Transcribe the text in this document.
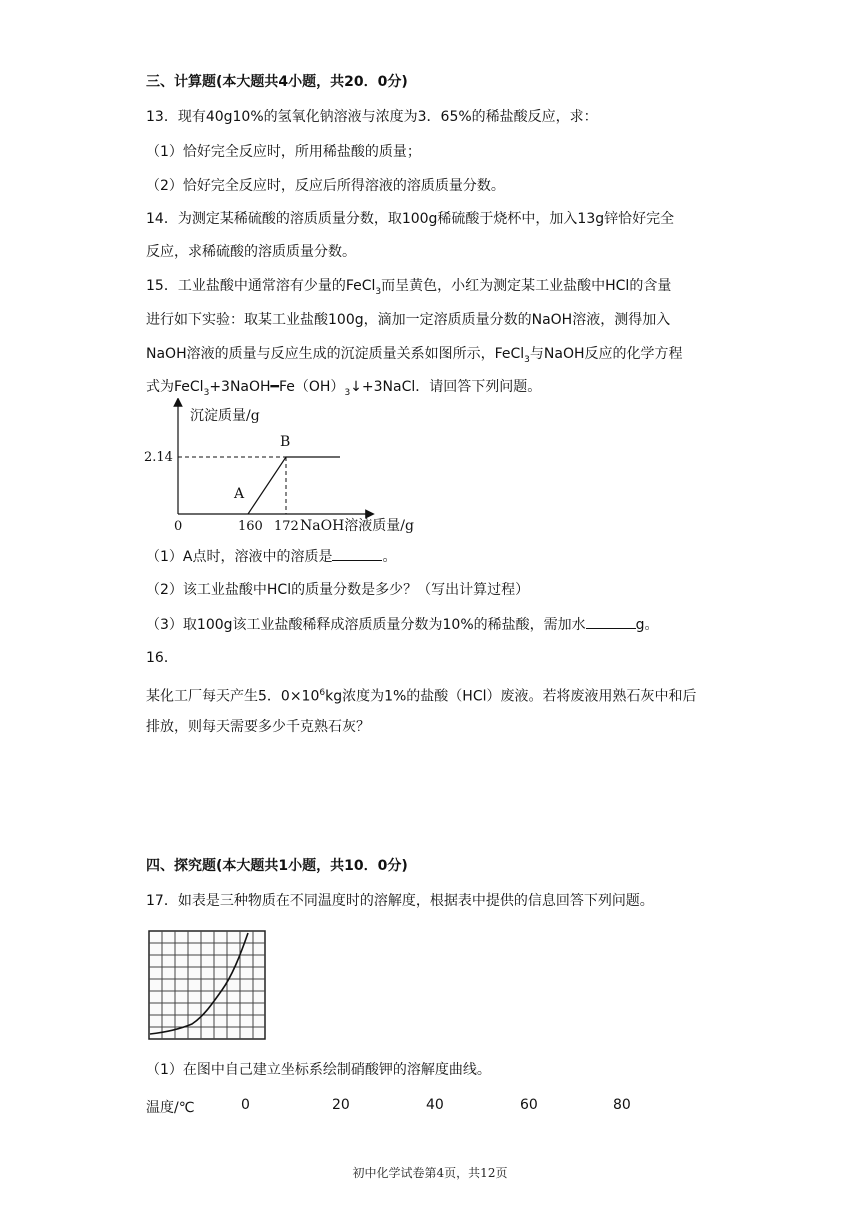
三、计算题(本大题共4小题，共20．0分)
13．现有40g10%的氢氧化钠溶液与浓度为3．65%的稀盐酸反应，求：
（1）恰好完全反应时，所用稀盐酸的质量；
（2）恰好完全反应时，反应后所得溶液的溶质质量分数。
14．为测定某稀硫酸的溶质质量分数，取100g稀硫酸于烧杯中，加入13g锌恰好完全
反应，求稀硫酸的溶质质量分数。
15．工业盐酸中通常溶有少量的FeCl$_3$而呈黄色，小红为测定某工业盐酸中HCl的含量
进行如下实验：取某工业盐酸100g，滴加一定溶质质量分数的NaOH溶液，测得加入
NaOH溶液的质量与反应生成的沉淀质量关系如图所示，FeCl$_3$与NaOH反应的化学方程
式为$FeCl_3+3NaOH━Fe(OH)_3↓+3NaCl$．请回答下列问题。
沉淀质量/g
2.14
0	160 172 NaOH溶液质量/g
A
B
（1）A点时，溶液中的溶质是	。
（2）该工业盐酸中HCl的质量分数是多少？（写出计算过程）
（3）取100g该工业盐酸稀释成溶质质量分数为10%的稀盐酸，需加水	g。
16．
某化工厂每天产生5．$0\times 10^6kg$浓度为1%的盐酸（HCl）废液。若将废液用熟石灰中和后
排放，则每天需要多少千克熟石灰？
四、探究题(本大题共1小题，共10．0分)
17．如表是三种物质在不同温度时的溶解度，根据表中提供的信息回答下列问题。
（1）在图中自己建立坐标系绘制硝酸钾的溶解度曲线。
温度/℃	0	20	40	60	80
初中化学试卷第4页，共12页
